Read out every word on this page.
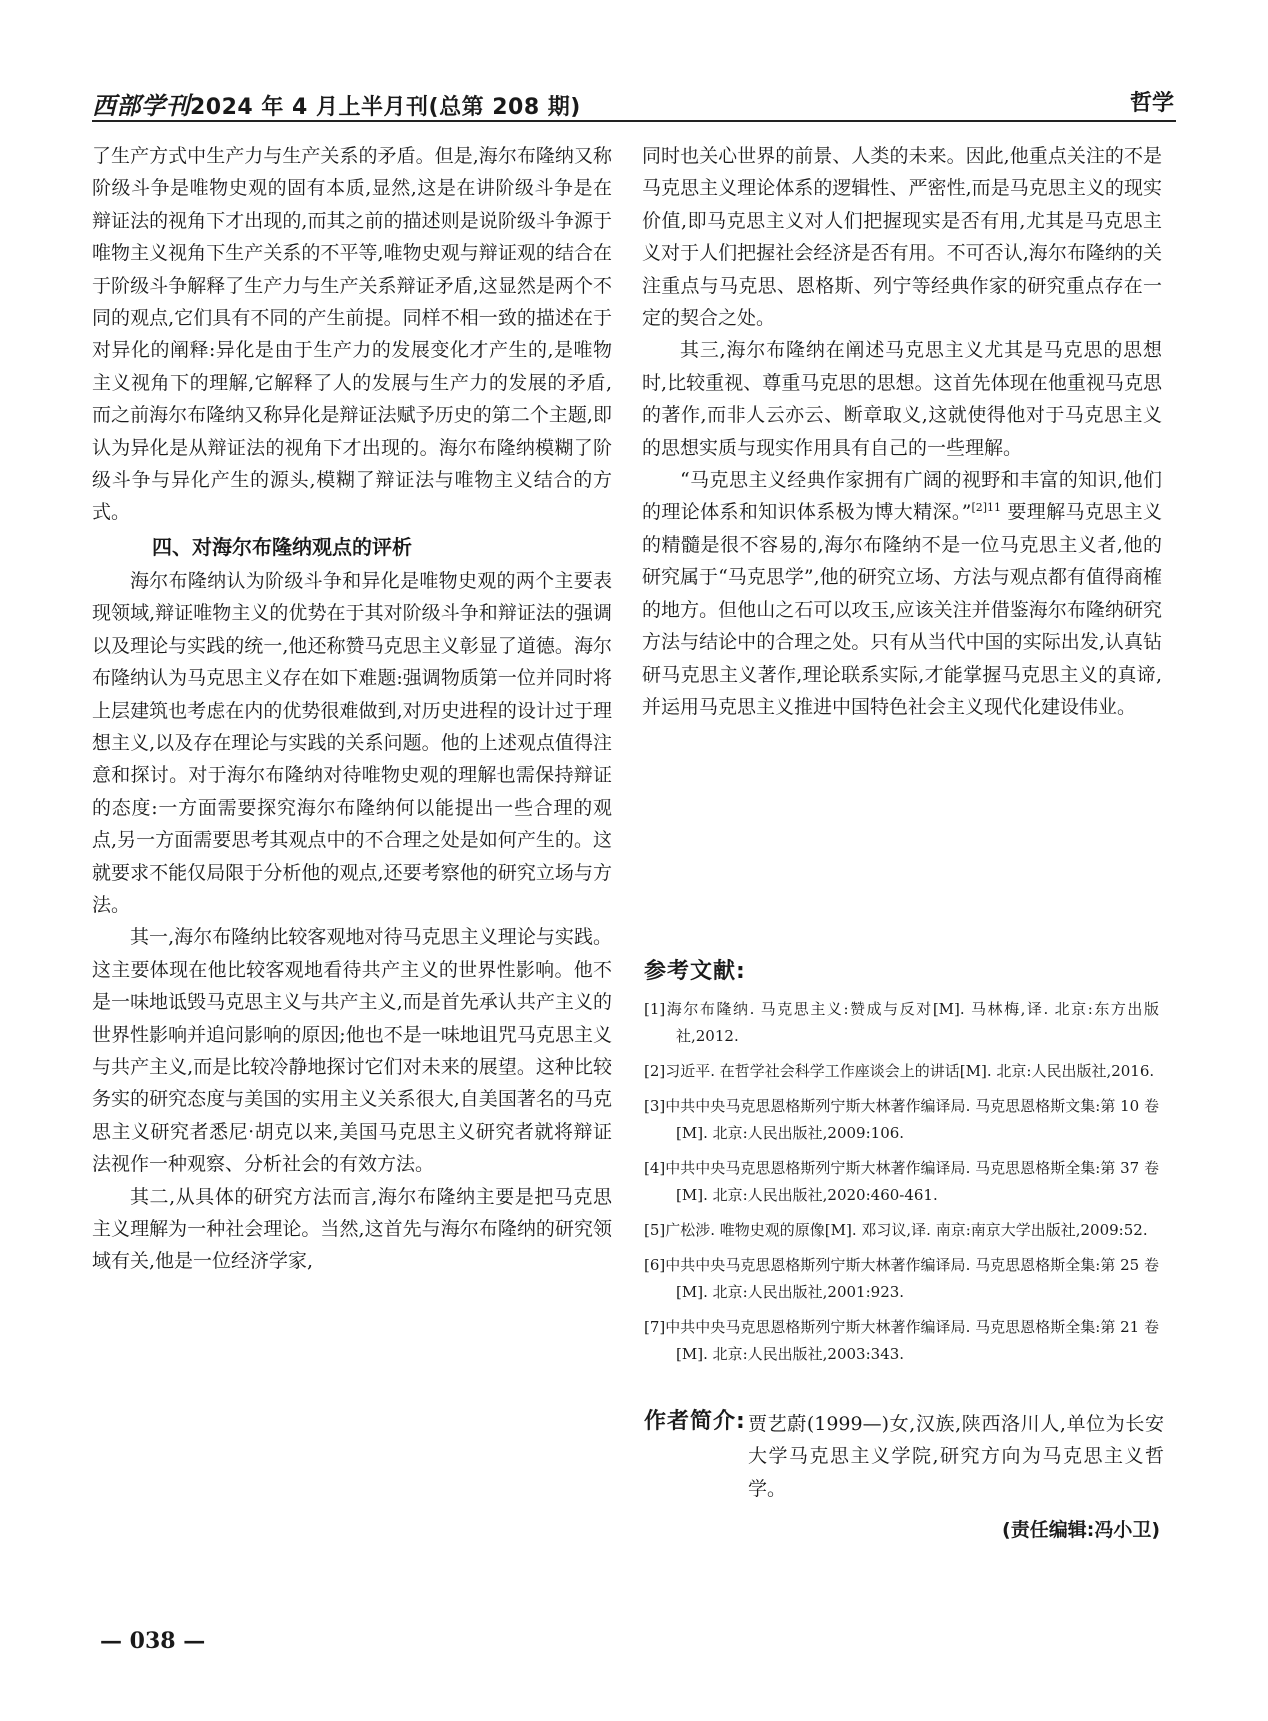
西部学刊2024 年 4 月上半月刊(总第 208 期)	哲学

了生产方式中生产力与生产关系的矛盾。但是,海尔布隆纳又称阶级斗争是唯物史观的固有本质,显然,这是在讲阶级斗争是在辩证法的视角下才出现的,而其之前的描述则是说阶级斗争源于唯物主义视角下生产关系的不平等,唯物史观与辩证观的结合在于阶级斗争解释了生产力与生产关系辩证矛盾,这显然是两个不同的观点,它们具有不同的产生前提。同样不相一致的描述在于对异化的阐释:异化是由于生产力的发展变化才产生的,是唯物主义视角下的理解,它解释了人的发展与生产力的发展的矛盾,而之前海尔布隆纳又称异化是辩证法赋予历史的第二个主题,即认为异化是从辩证法的视角下才出现的。海尔布隆纳模糊了阶级斗争与异化产生的源头,模糊了辩证法与唯物主义结合的方式。

四、对海尔布隆纳观点的评析

海尔布隆纳认为阶级斗争和异化是唯物史观的两个主要表现领域,辩证唯物主义的优势在于其对阶级斗争和辩证法的强调以及理论与实践的统一,他还称赞马克思主义彰显了道德。海尔布隆纳认为马克思主义存在如下难题:强调物质第一位并同时将上层建筑也考虑在内的优势很难做到,对历史进程的设计过于理想主义,以及存在理论与实践的关系问题。他的上述观点值得注意和探讨。对于海尔布隆纳对待唯物史观的理解也需保持辩证的态度:一方面需要探究海尔布隆纳何以能提出一些合理的观点,另一方面需要思考其观点中的不合理之处是如何产生的。这就要求不能仅局限于分析他的观点,还要考察他的研究立场与方法。

其一,海尔布隆纳比较客观地对待马克思主义理论与实践。这主要体现在他比较客观地看待共产主义的世界性影响。他不是一味地诋毁马克思主义与共产主义,而是首先承认共产主义的世界性影响并追问影响的原因;他也不是一味地诅咒马克思主义与共产主义,而是比较冷静地探讨它们对未来的展望。这种比较务实的研究态度与美国的实用主义关系很大,自美国著名的马克思主义研究者悉尼·胡克以来,美国马克思主义研究者就将辩证法视作一种观察、分析社会的有效方法。

其二,从具体的研究方法而言,海尔布隆纳主要是把马克思主义理解为一种社会理论。当然,这首先与海尔布隆纳的研究领域有关,他是一位经济学家,

同时也关心世界的前景、人类的未来。因此,他重点关注的不是马克思主义理论体系的逻辑性、严密性,而是马克思主义的现实价值,即马克思主义对人们把握现实是否有用,尤其是马克思主义对于人们把握社会经济是否有用。不可否认,海尔布隆纳的关注重点与马克思、恩格斯、列宁等经典作家的研究重点存在一定的契合之处。

其三,海尔布隆纳在阐述马克思主义尤其是马克思的思想时,比较重视、尊重马克思的思想。这首先体现在他重视马克思的著作,而非人云亦云、断章取义,这就使得他对于马克思主义的思想实质与现实作用具有自己的一些理解。

“马克思主义经典作家拥有广阔的视野和丰富的知识,他们的理论体系和知识体系极为博大精深。”$^{[2]11}$ 要理解马克思主义的精髓是很不容易的,海尔布隆纳不是一位马克思主义者,他的研究属于“马克思学”,他的研究立场、方法与观点都有值得商榷的地方。但他山之石可以攻玉,应该关注并借鉴海尔布隆纳研究方法与结论中的合理之处。只有从当代中国的实际出发,认真钻研马克思主义著作,理论联系实际,才能掌握马克思主义的真谛,并运用马克思主义推进中国特色社会主义现代化建设伟业。

参考文献:
[1]海尔布隆纳. 马克思主义:赞成与反对[M]. 马林梅,译. 北京:东方出版社,2012.
[2]习近平. 在哲学社会科学工作座谈会上的讲话[M]. 北京:人民出版社,2016.
[3]中共中央马克思恩格斯列宁斯大林著作编译局. 马克思恩格斯文集:第 10 卷[M]. 北京:人民出版社,2009:106.
[4]中共中央马克思恩格斯列宁斯大林著作编译局. 马克思恩格斯全集:第 37 卷[M]. 北京:人民出版社,2020:460-461.
[5]广松涉. 唯物史观的原像[M]. 邓习议,译. 南京:南京大学出版社,2009:52.
[6]中共中央马克思恩格斯列宁斯大林著作编译局. 马克思恩格斯全集:第 25 卷[M]. 北京:人民出版社,2001:923.
[7]中共中央马克思恩格斯列宁斯大林著作编译局. 马克思恩格斯全集:第 21 卷[M]. 北京:人民出版社,2003:343.
作者简介: 贾艺蔚(1999—)女,汉族,陕西洛川人,单位为长安大学马克思主义学院,研究方向为马克思主义哲学。
(责任编辑:冯小卫)
— 038 —
